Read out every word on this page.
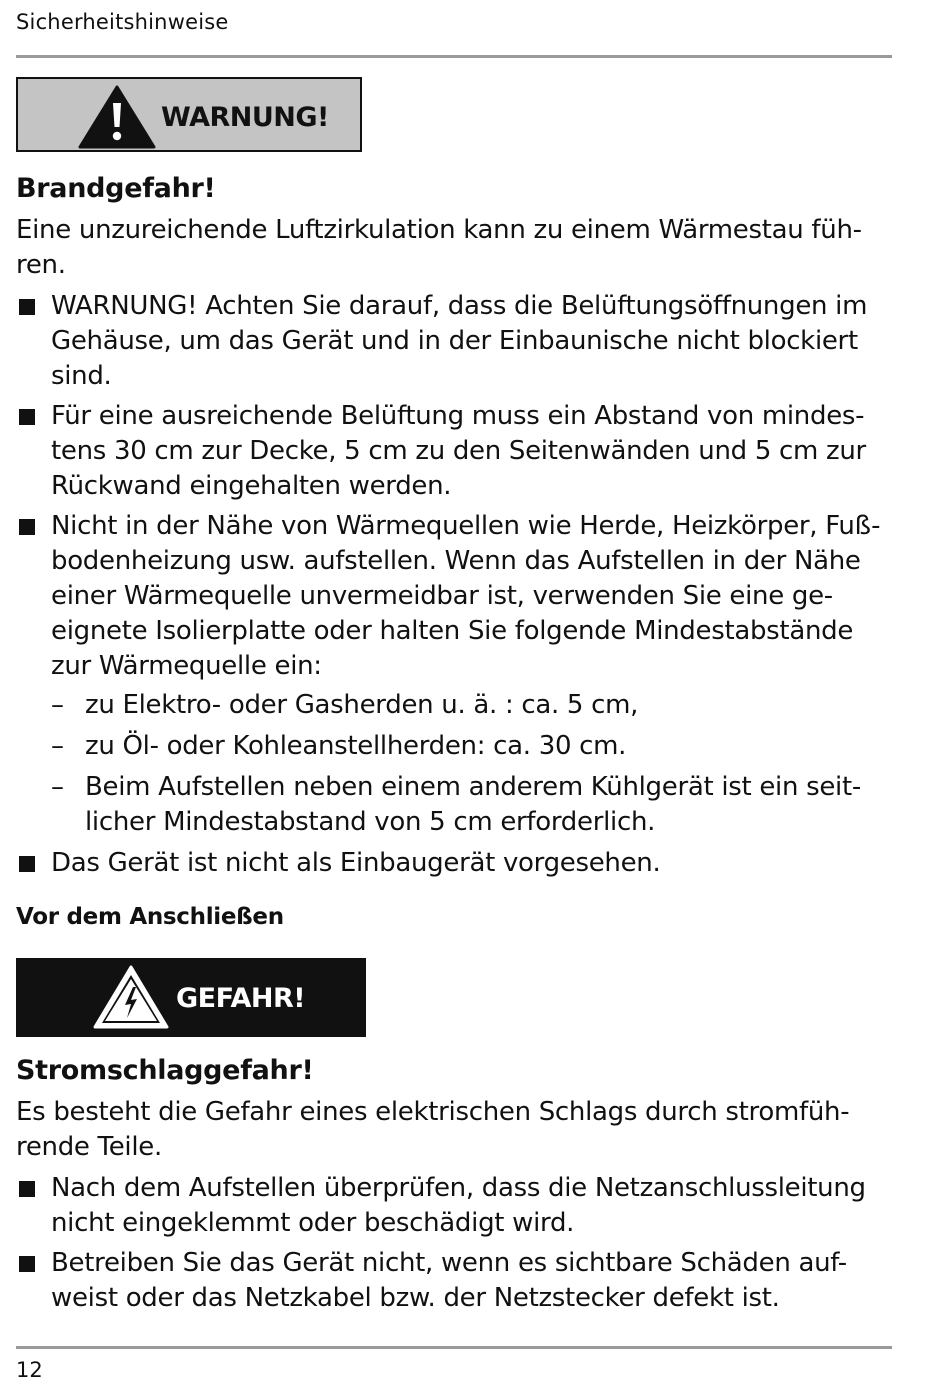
Sicherheitshinweise
WARNUNG!
Brandgefahr!
Eine unzureichende Luftzirkulation kann zu einem Wärmestau füh-
ren.
WARNUNG! Achten Sie darauf, dass die Belüftungsöffnungen im
Gehäuse, um das Gerät und in der Einbaunische nicht blockiert
sind.
Für eine ausreichende Belüftung muss ein Abstand von mindes-
tens 30 cm zur Decke, 5 cm zu den Seitenwänden und 5 cm zur
Rückwand eingehalten werden.
Nicht in der Nähe von Wärmequellen wie Herde, Heizkörper, Fuß-
bodenheizung usw. aufstellen. Wenn das Aufstellen in der Nähe
einer Wärmequelle unvermeidbar ist, verwenden Sie eine ge-
eignete Isolierplatte oder halten Sie folgende Mindestabstände
zur Wärmequelle ein:
– zu Elektro- oder Gasherden u. ä. : ca. 5 cm,
– zu Öl- oder Kohleanstellherden: ca. 30 cm.
– Beim Aufstellen neben einem anderem Kühlgerät ist ein seit-
licher Mindestabstand von 5 cm erforderlich.
Das Gerät ist nicht als Einbaugerät vorgesehen.
Vor dem Anschließen
GEFAHR!
Stromschlaggefahr!
Es besteht die Gefahr eines elektrischen Schlags durch stromfüh-
rende Teile.
Nach dem Aufstellen überprüfen, dass die Netzanschlussleitung
nicht eingeklemmt oder beschädigt wird.
Betreiben Sie das Gerät nicht, wenn es sichtbare Schäden auf-
weist oder das Netzkabel bzw. der Netzstecker defekt ist.
12
